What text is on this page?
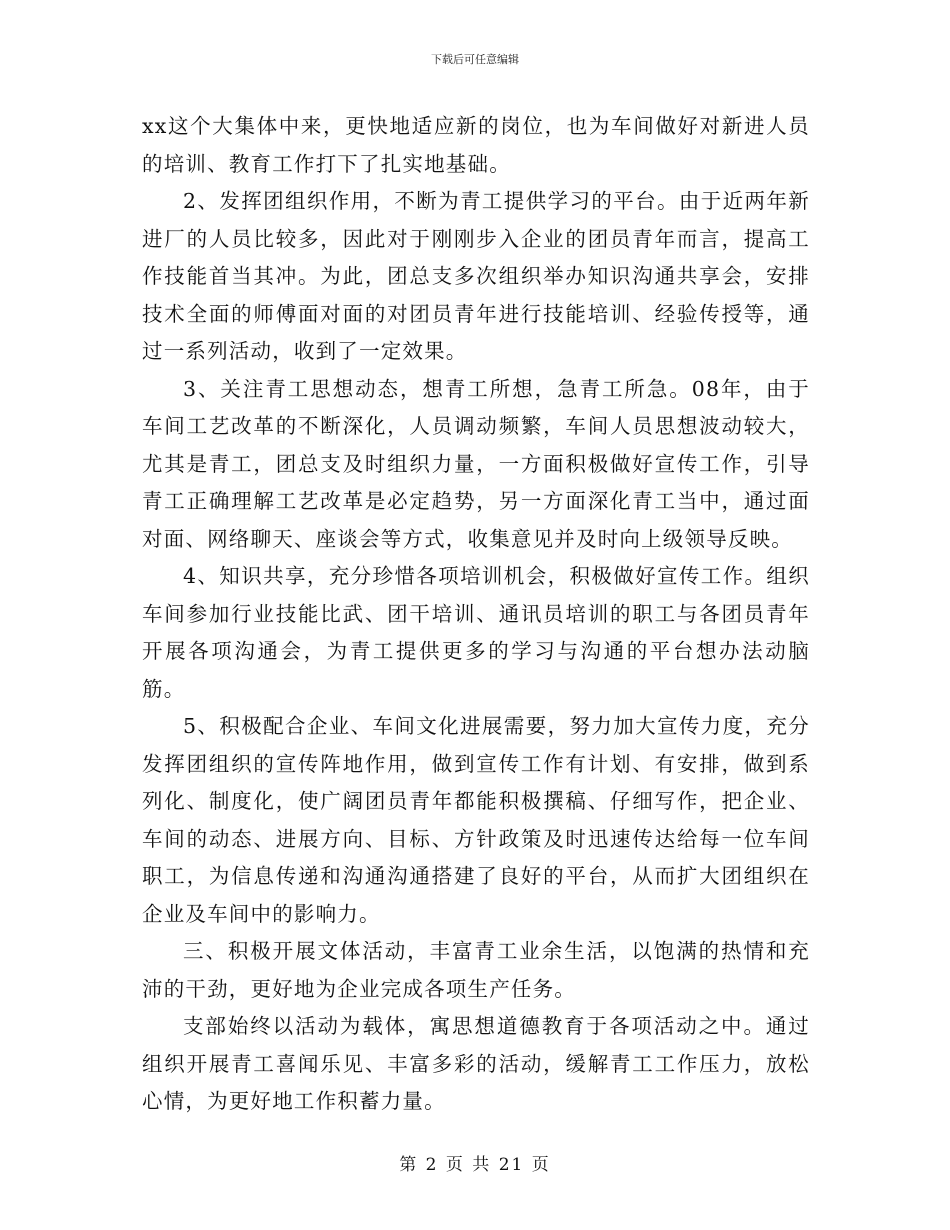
下载后可任意编辑

xx这个大集体中来，更快地适应新的岗位，也为车间做好对新进人员的培训、教育工作打下了扎实地基础。

2、发挥团组织作用，不断为青工提供学习的平台。由于近两年新进厂的人员比较多，因此对于刚刚步入企业的团员青年而言，提高工作技能首当其冲。为此，团总支多次组织举办知识沟通共享会，安排技术全面的师傅面对面的对团员青年进行技能培训、经验传授等，通过一系列活动，收到了一定效果。

3、关注青工思想动态，想青工所想，急青工所急。08年，由于车间工艺改革的不断深化，人员调动频繁，车间人员思想波动较大，尤其是青工，团总支及时组织力量，一方面积极做好宣传工作，引导青工正确理解工艺改革是必定趋势，另一方面深化青工当中，通过面对面、网络聊天、座谈会等方式，收集意见并及时向上级领导反映。

4、知识共享，充分珍惜各项培训机会，积极做好宣传工作。组织车间参加行业技能比武、团干培训、通讯员培训的职工与各团员青年开展各项沟通会，为青工提供更多的学习与沟通的平台想办法动脑筋。

5、积极配合企业、车间文化进展需要，努力加大宣传力度，充分发挥团组织的宣传阵地作用，做到宣传工作有计划、有安排，做到系列化、制度化，使广阔团员青年都能积极撰稿、仔细写作，把企业、车间的动态、进展方向、目标、方针政策及时迅速传达给每一位车间职工，为信息传递和沟通沟通搭建了良好的平台，从而扩大团组织在企业及车间中的影响力。

三、积极开展文体活动，丰富青工业余生活，以饱满的热情和充沛的干劲，更好地为企业完成各项生产任务。

支部始终以活动为载体，寓思想道德教育于各项活动之中。通过组织开展青工喜闻乐见、丰富多彩的活动，缓解青工工作压力，放松心情，为更好地工作积蓄力量。

第 2 页 共 21 页
